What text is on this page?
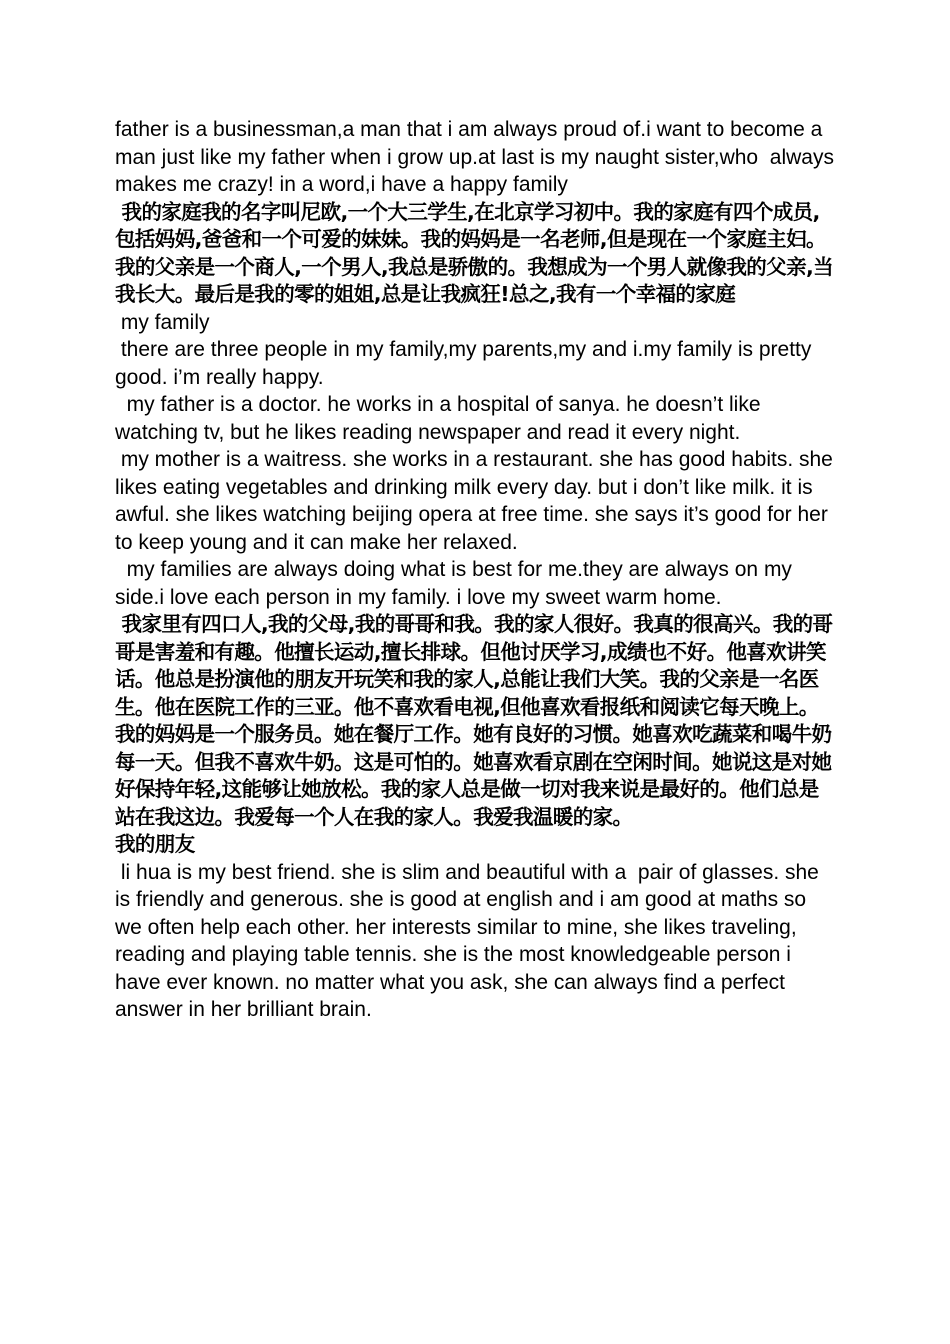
father is a businessman,a man that i am always proud of.i want to become a man just like my father when i grow up.at last is my naught sister,who  always makes me crazy! in a word,i have a happy family

我的家庭我的名字叫尼欧,一个大三学生,在北京学习初中。我的家庭有四个成员,包括妈妈,爸爸和一个可爱的妹妹。我的妈妈是一名老师,但是现在一个家庭主妇。我的父亲是一个商人,一个男人,我总是骄傲的。我想成为一个男人就像我的父亲,当我长大。最后是我的零的姐姐,总是让我疯狂!总之,我有一个幸福的家庭

my family

there are three people in my family,my parents,my and i.my family is pretty good. i’m really happy.

my father is a doctor. he works in a hospital of sanya. he doesn’t like watching tv, but he likes reading newspaper and read it every night.

my mother is a waitress. she works in a restaurant. she has good habits. she likes eating vegetables and drinking milk every day. but i don’t like milk. it is awful. she likes watching beijing opera at free time. she says it’s good for her to keep young and it can make her relaxed.

my families are always doing what is best for me.they are always on my side.i love each person in my family. i love my sweet warm home.

我家里有四口人,我的父母,我的哥哥和我。我的家人很好。我真的很高兴。我的哥哥是害羞和有趣。他擅长运动,擅长排球。但他讨厌学习,成绩也不好。他喜欢讲笑话。他总是扮演他的朋友开玩笑和我的家人,总能让我们大笑。我的父亲是一名医生。他在医院工作的三亚。他不喜欢看电视,但他喜欢看报纸和阅读它每天晚上。我的妈妈是一个服务员。她在餐厅工作。她有良好的习惯。她喜欢吃蔬菜和喝牛奶每一天。但我不喜欢牛奶。这是可怕的。她喜欢看京剧在空闲时间。她说这是对她好保持年轻,这能够让她放松。我的家人总是做一切对我来说是最好的。他们总是站在我这边。我爱每一个人在我的家人。我爱我温暖的家。

我的朋友

li hua is my best friend. she is slim and beautiful with a  pair of glasses. she is friendly and generous. she is good at english and i am good at maths so we often help each other. her interests similar to mine, she likes traveling, reading and playing table tennis. she is the most knowledgeable person i have ever known. no matter what you ask, she can always find a perfect answer in her brilliant brain.
